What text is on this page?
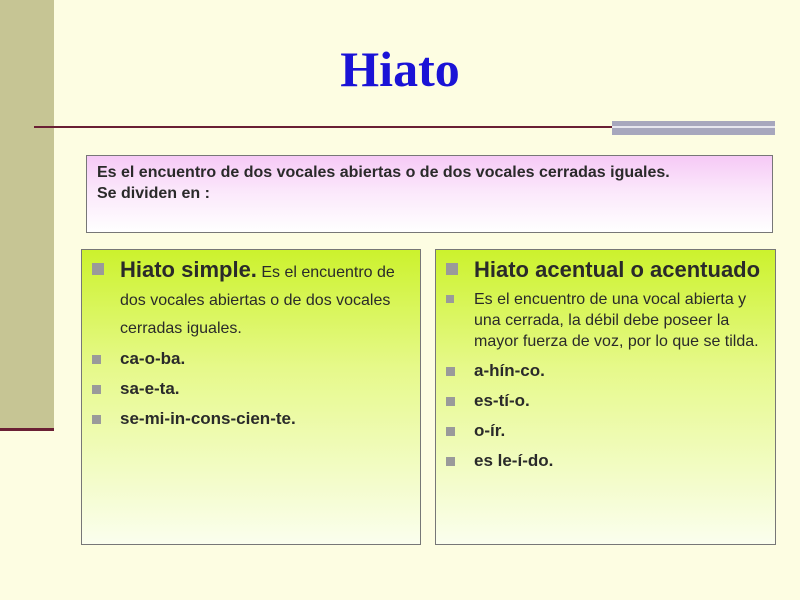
Hiato

Es el encuentro de dos vocales abiertas o de dos vocales cerradas iguales.

Se dividen en :

Hiato simple. Es el encuentro de dos vocales abiertas o de dos vocales cerradas iguales.
ca-o-ba.
sa-e-ta.
se-mi-in-cons-cien-te.
Hiato acentual o acentuado
Es el encuentro de una vocal abierta y una cerrada, la débil debe poseer la mayor fuerza de voz, por lo que se tilda.
a-hín-co.
es-tí-o.
o-ír.
es le-í-do.
